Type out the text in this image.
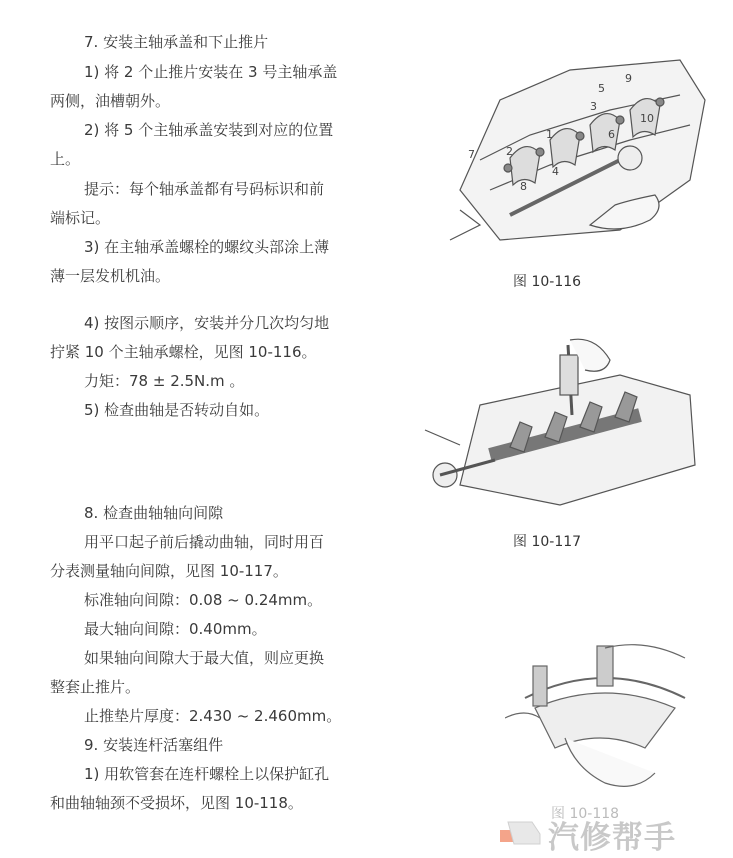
7. 安装主轴承盖和下止推片
1) 将 2 个止推片安装在 3 号主轴承盖
两侧，油槽朝外。
2) 将 5 个主轴承盖安装到对应的位置
上。
提示：每个轴承盖都有号码标识和前
端标记。
3) 在主轴承盖螺栓的螺纹头部涂上薄
薄一层发机机油。
4) 按图示顺序，安装并分几次均匀地
拧紧 10 个主轴承螺栓，见图 10-116。
力矩：78 ± 2.5N.m 。
5) 检查曲轴是否转动自如。
8. 检查曲轴轴向间隙
用平口起子前后撬动曲轴，同时用百
分表测量轴向间隙，见图 10-117。
标准轴向间隙：0.08 ~ 0.24mm。
最大轴向间隙：0.40mm。
如果轴向间隙大于最大值，则应更换
整套止推片。
止推垫片厚度：2.430 ~ 2.460mm。
9. 安装连杆活塞组件
1) 用软管套在连杆螺栓上以保护缸孔
和曲轴轴颈不受损坏，见图 10-118。
1
2
3
4
5
6
7
8
9
10
图 10-116
图 10-117
图 10-118
汽修帮手
